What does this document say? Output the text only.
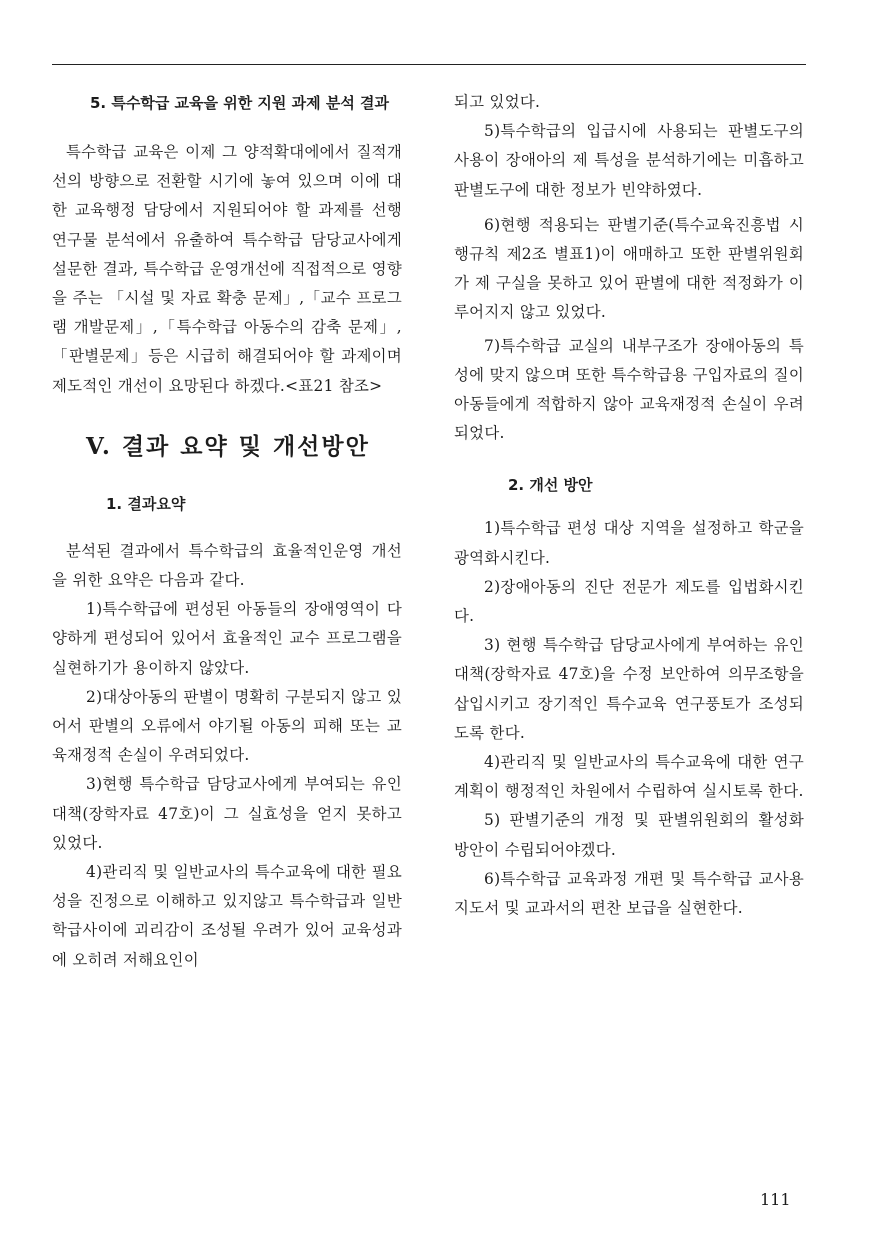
5. 특수학급 교육을 위한 지원 과제 분석 결과

특수학급 교육은 이제 그 양적확대에에서 질적개선의 방향으로 전환할 시기에 놓여 있으며 이에 대한 교육행정 담당에서 지원되어야 할 과제를 선행 연구물 분석에서 유출하여 특수학급 담당교사에게 설문한 결과, 특수학급 운영개선에 직접적으로 영향을 주는 「시설 및 자료 확충 문제」,「교수 프로그램 개발문제」,「특수학급 아동수의 감축 문제」,「판별문제」등은 시급히 해결되어야 할 과제이며 제도적인 개선이 요망된다 하겠다.<표21 참조>

V. 결과 요약 및 개선방안
1. 결과요약

분석된 결과에서 특수학급의 효율적인운영 개선을 위한 요약은 다음과 같다.

1)특수학급에 편성된 아동들의 장애영역이 다양하게 편성되어 있어서 효율적인 교수 프로그램을 실현하기가 용이하지 않았다.

2)대상아동의 판별이 명확히 구분되지 않고 있어서 판별의 오류에서 야기될 아동의 피해 또는 교육재정적 손실이 우려되었다.

3)현행 특수학급 담당교사에게 부여되는 유인대책(장학자료 47호)이 그 실효성을 얻지 못하고 있었다.

4)관리직 및 일반교사의 특수교육에 대한 필요성을 진정으로 이해하고 있지않고 특수학급과 일반학급사이에 괴리감이 조성될 우려가 있어 교육성과에 오히려 저해요인이

되고 있었다.

5)특수학급의 입급시에 사용되는 판별도구의 사용이 장애아의 제 특성을 분석하기에는 미흡하고 판별도구에 대한 정보가 빈약하였다.

6)현행 적용되는 판별기준(특수교육진흥법 시행규칙 제2조 별표1)이 애매하고 또한 판별위원회가 제 구실을 못하고 있어 판별에 대한 적정화가 이루어지지 않고 있었다.

7)특수학급 교실의 내부구조가 장애아동의 특성에 맞지 않으며 또한 특수학급용 구입자료의 질이 아동들에게 적합하지 않아 교육재정적 손실이 우려되었다.

2. 개선 방안

1)특수학급 편성 대상 지역을 설정하고 학군을 광역화시킨다.

2)장애아동의 진단 전문가 제도를 입법화시킨다.

3) 현행 특수학급 담당교사에게 부여하는 유인대책(장학자료 47호)을 수정 보안하여 의무조항을 삽입시키고 장기적인 특수교육 연구풍토가 조성되도록 한다.

4)관리직 및 일반교사의 특수교육에 대한 연구계획이 행정적인 차원에서 수립하여 실시토록 한다.

5) 판별기준의 개정 및 판별위원회의 활성화 방안이 수립되어야겠다.

6)특수학급 교육과정 개편 및 특수학급 교사용 지도서 및 교과서의 편찬 보급을 실현한다.

111
